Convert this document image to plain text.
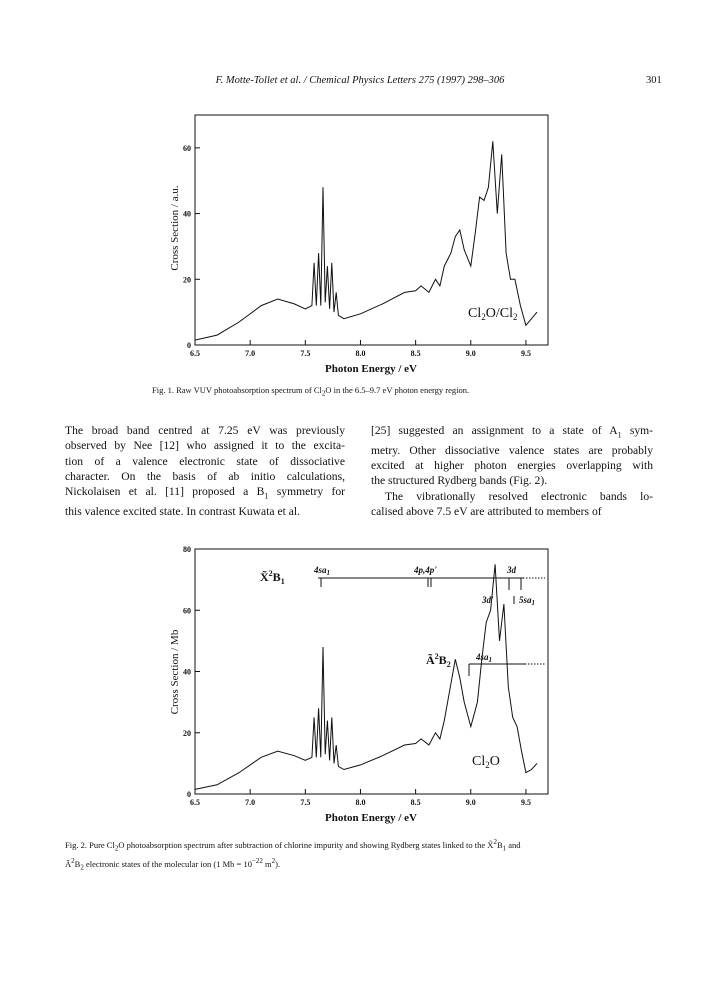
F. Motte-Tollet et al. / Chemical Physics Letters 275 (1997) 298–306	301
6.5	7.0	7.5	8.0	8.5	9.0	9.5
0
20
40
60
Photon Energy / eV
Cross Section / a.u.
$Cl_2O/Cl_2$
Fig. 1. Raw VUV photoabsorption spectrum of $Cl_2O$ in the 6.5–9.7 eV photon energy region.

The broad band centred at 7.25 eV was previously

observed by Nee [12] who assigned it to the excita-

tion of a valence electronic state of dissociative

character. On the basis of ab initio calculations,

Nickolaisen et al. [11] proposed a $B_1$ symmetry for

this valence excited state. In contrast Kuwata et al.

[25] suggested an assignment to a state of $A_1$ sym-

metry. Other dissociative valence states are probably

excited at higher photon energies overlapping with

the structured Rydberg bands (Fig. 2).

The vibrationally resolved electronic bands lo-

calised above 7.5 eV are attributed to members of

6.5	7.0	7.5	8.0	8.5	9.0	9.5
0
20
40
60
80
$X̃^2B_1$
$4sa_1$	4p,4p'	3d
3d'	$5sa_1$
$Ã^2B_2$
$4sa_1$
$Cl_2O$
Photon Energy / eV
Cross Section / Mb
Fig. 2. Pure $Cl_2O$ photoabsorption spectrum after subtraction of chlorine impurity and showing Rydberg states linked to the $X̃^2B_1$ and
$Ã^2B_2$ electronic states of the molecular ion (1 $Mb = 10^{-22}$ $m^2$).
